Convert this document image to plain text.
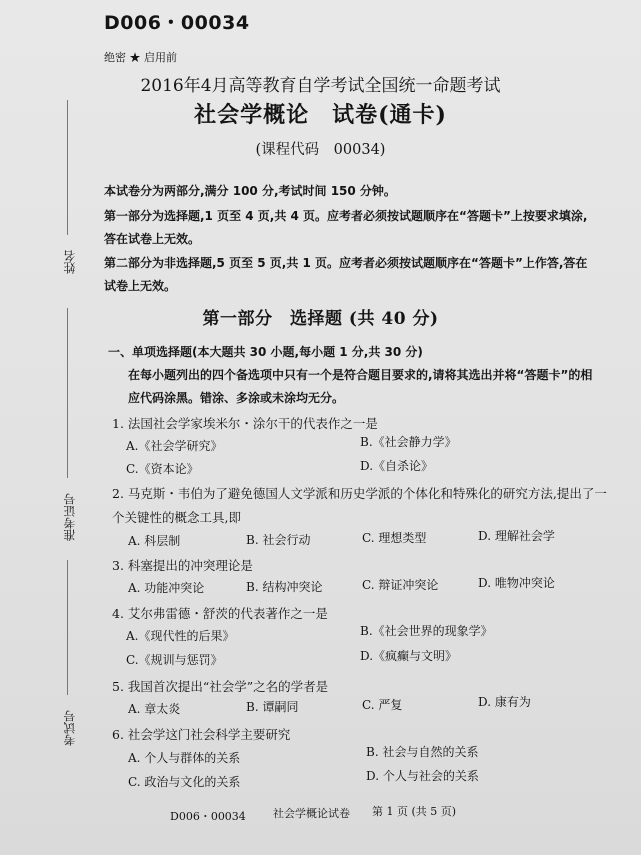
D006・00034
绝密 ★ 启用前
2016年4月高等教育自学考试全国统一命题考试
社会学概论　试卷(通卡)
(课程代码　00034)
本试卷分为两部分,满分 100 分,考试时间 150 分钟。
第一部分为选择题,1 页至 4 页,共 4 页。应考者必须按试题顺序在“答题卡”上按要求填涂,
答在试卷上无效。
第二部分为非选择题,5 页至 5 页,共 1 页。应考者必须按试题顺序在“答题卡”上作答,答在
试卷上无效。
姓名
准考证号
考试号
第一部分　选择题 (共 40 分)
一、单项选择题(本大题共 30 小题,每小题 1 分,共 30 分)
在每小题列出的四个备选项中只有一个是符合题目要求的,请将其选出并将“答题卡”的相
应代码涂黑。错涂、多涂或未涂均无分。
1. 法国社会学家埃米尔・涂尔干的代表作之一是
A.《社会学研究》	B.《社会静力学》
C.《资本论》	D.《自杀论》
2. 马克斯・韦伯为了避免德国人文学派和历史学派的个体化和特殊化的研究方法,提出了一
个关键性的概念工具,即
A. 科层制	B. 社会行动	C. 理想类型	D. 理解社会学
3. 科塞提出的冲突理论是
A. 功能冲突论	B. 结构冲突论	C. 辩证冲突论	D. 唯物冲突论
4. 艾尔弗雷德・舒茨的代表著作之一是
A.《现代性的后果》	B.《社会世界的现象学》
C.《规训与惩罚》	D.《疯癫与文明》
5. 我国首次提出“社会学”之名的学者是
A. 章太炎	B. 谭嗣同	C. 严复	D. 康有为
6. 社会学这门社会科学主要研究
A. 个人与群体的关系	B. 社会与自然的关系
C. 政治与文化的关系	D. 个人与社会的关系
D006・00034 社会学概论试卷 第 1 页 (共 5 页)
